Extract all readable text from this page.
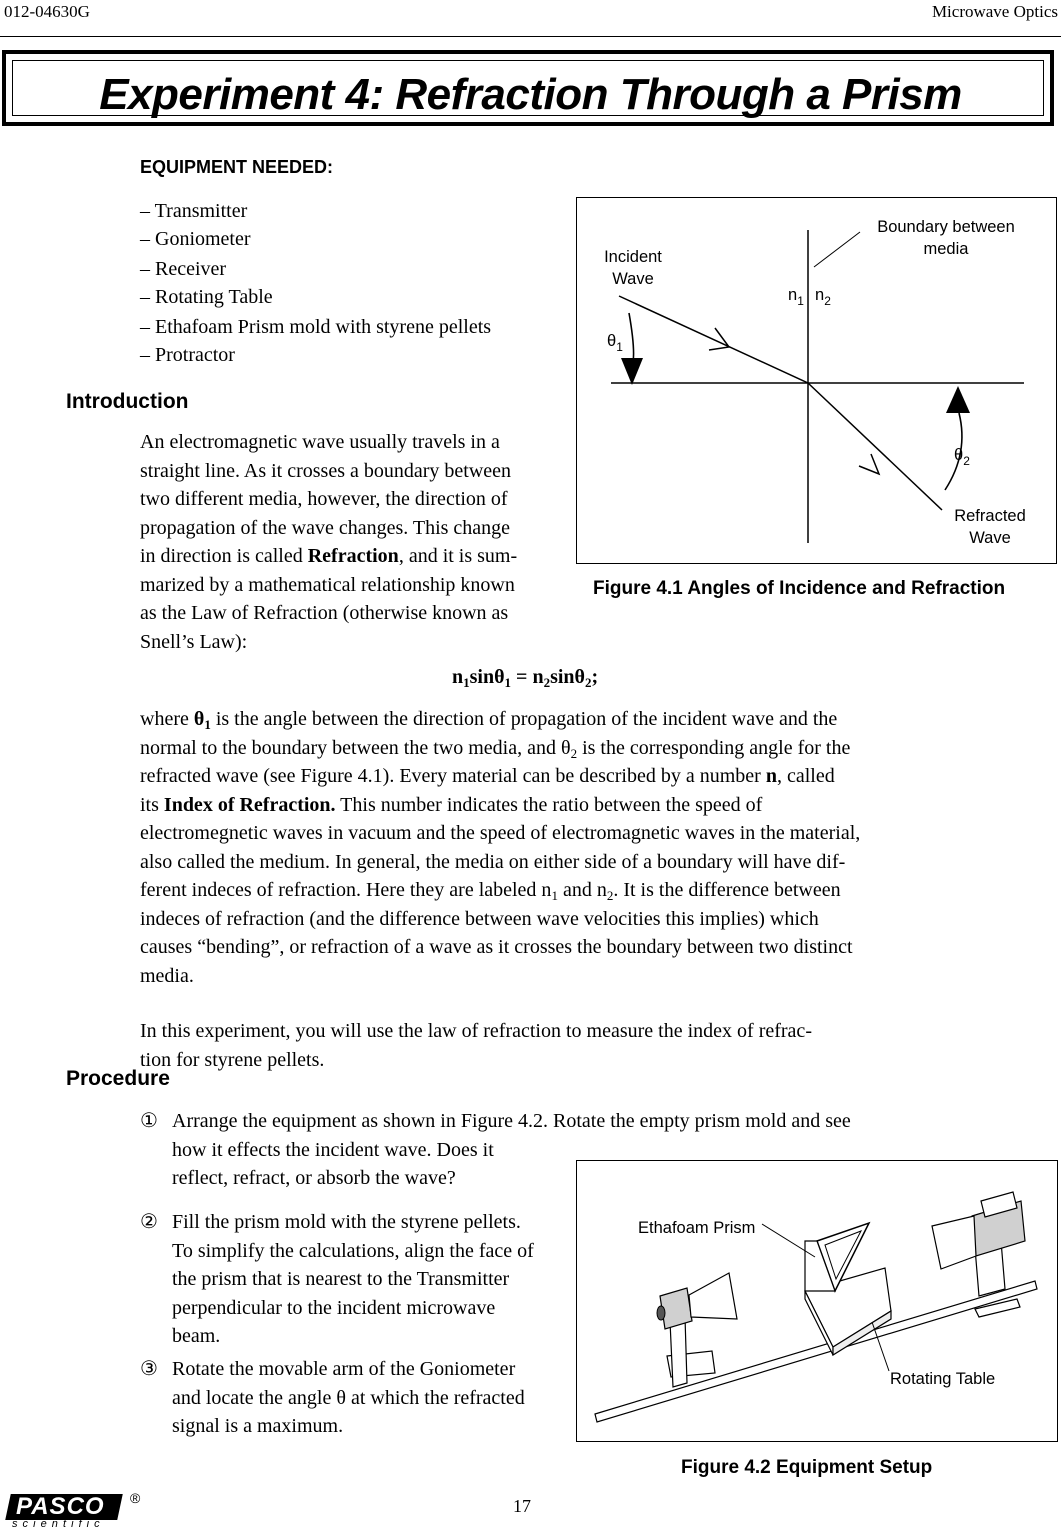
012-04630G	Microwave Optics
Experiment 4: Refraction Through a Prism
EQUIPMENT NEEDED:
– Transmitter
– Goniometer
– Receiver
– Rotating Table
– Ethafoam Prism mold with styrene pellets
– Protractor
Introduction

An electromagnetic wave usually travels in a

straight line. As it crosses a boundary between

two different media, however, the direction of

propagation of the wave changes. This change

in direction is called Refraction, and it is sum-

marized by a mathematical relationship known

as the Law of Refraction (otherwise known as

Snell’s Law):

Incident
Wave
Boundary between
media
$n_1$ $n_2$
$\theta_1$
$\theta_2$
Refracted
Wave
Figure 4.1 Angles of Incidence and Refraction
$n_1\sin\theta_1 = n_2\sin\theta_2$;

where $\theta_1$ is the angle between the direction of propagation of the incident wave and the

normal to the boundary between the two media, and $\theta_2$ is the corresponding angle for the

refracted wave (see Figure 4.1). Every material can be described by a number n, called

its Index of Refraction. This number indicates the ratio between the speed of

electromegnetic waves in vacuum and the speed of electromagnetic waves in the material,

also called the medium. In general, the media on either side of a boundary will have dif-

ferent indeces of refraction. Here they are labeled $n_1$ and $n_2$. It is the difference between

indeces of refraction (and the difference between wave velocities this implies) which

causes “bending”, or refraction of a wave as it crosses the boundary between two distinct

media.

In this experiment, you will use the law of refraction to measure the index of refrac-

tion for styrene pellets.

Procedure
① Arrange the equipment as shown in Figure 4.2. Rotate the empty prism mold and see

how it effects the incident wave. Does it

reflect, refract, or absorb the wave?

② Fill the prism mold with the styrene pellets.

To simplify the calculations, align the face of

the prism that is nearest to the Transmitter

perpendicular to the incident microwave

beam.

③ Rotate the movable arm of the Goniometer

and locate the angle θ at which the refracted

signal is a maximum.

Ethafoam Prism
Rotating Table
Figure 4.2 Equipment Setup
17
PASCO ®
s c i e n t i f i c
